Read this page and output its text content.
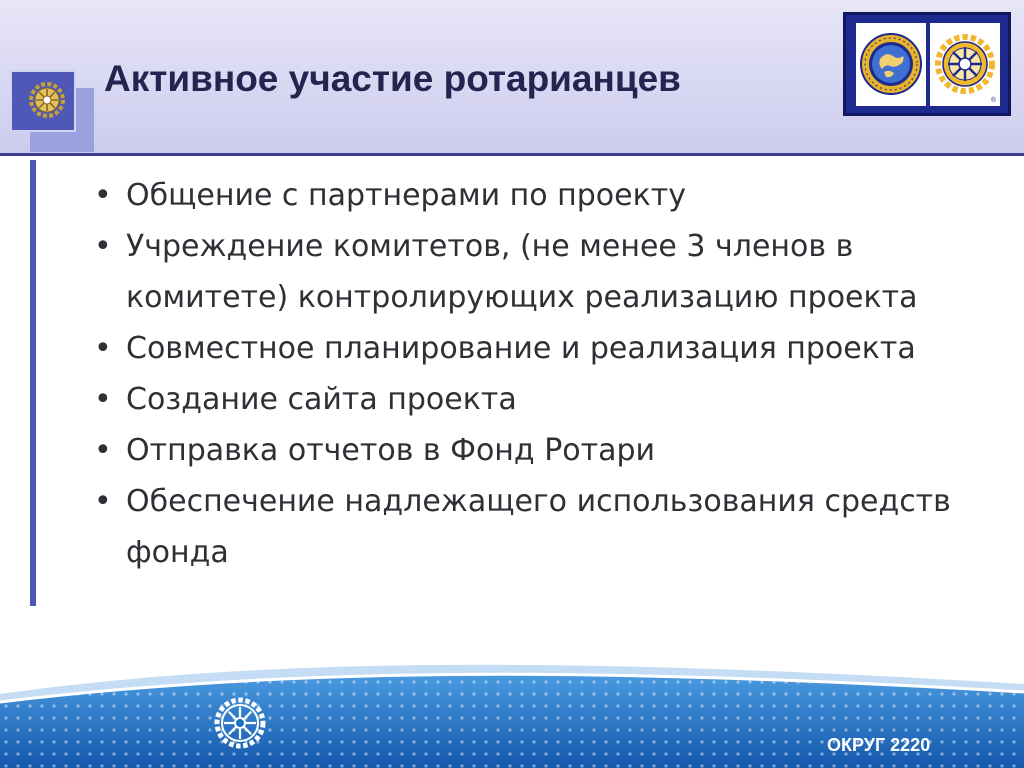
Активное участие ротарианцев
®
• Общение с партнерами по проекту
• Учреждение комитетов, (не менее 3 членов в комитете) контролирующих реализацию проекта
• Совместное планирование и реализация проекта
• Создание сайта проекта
• Отправка отчетов в Фонд Ротари
• Обеспечение надлежащего использования средств фонда
ОКРУГ 2220
